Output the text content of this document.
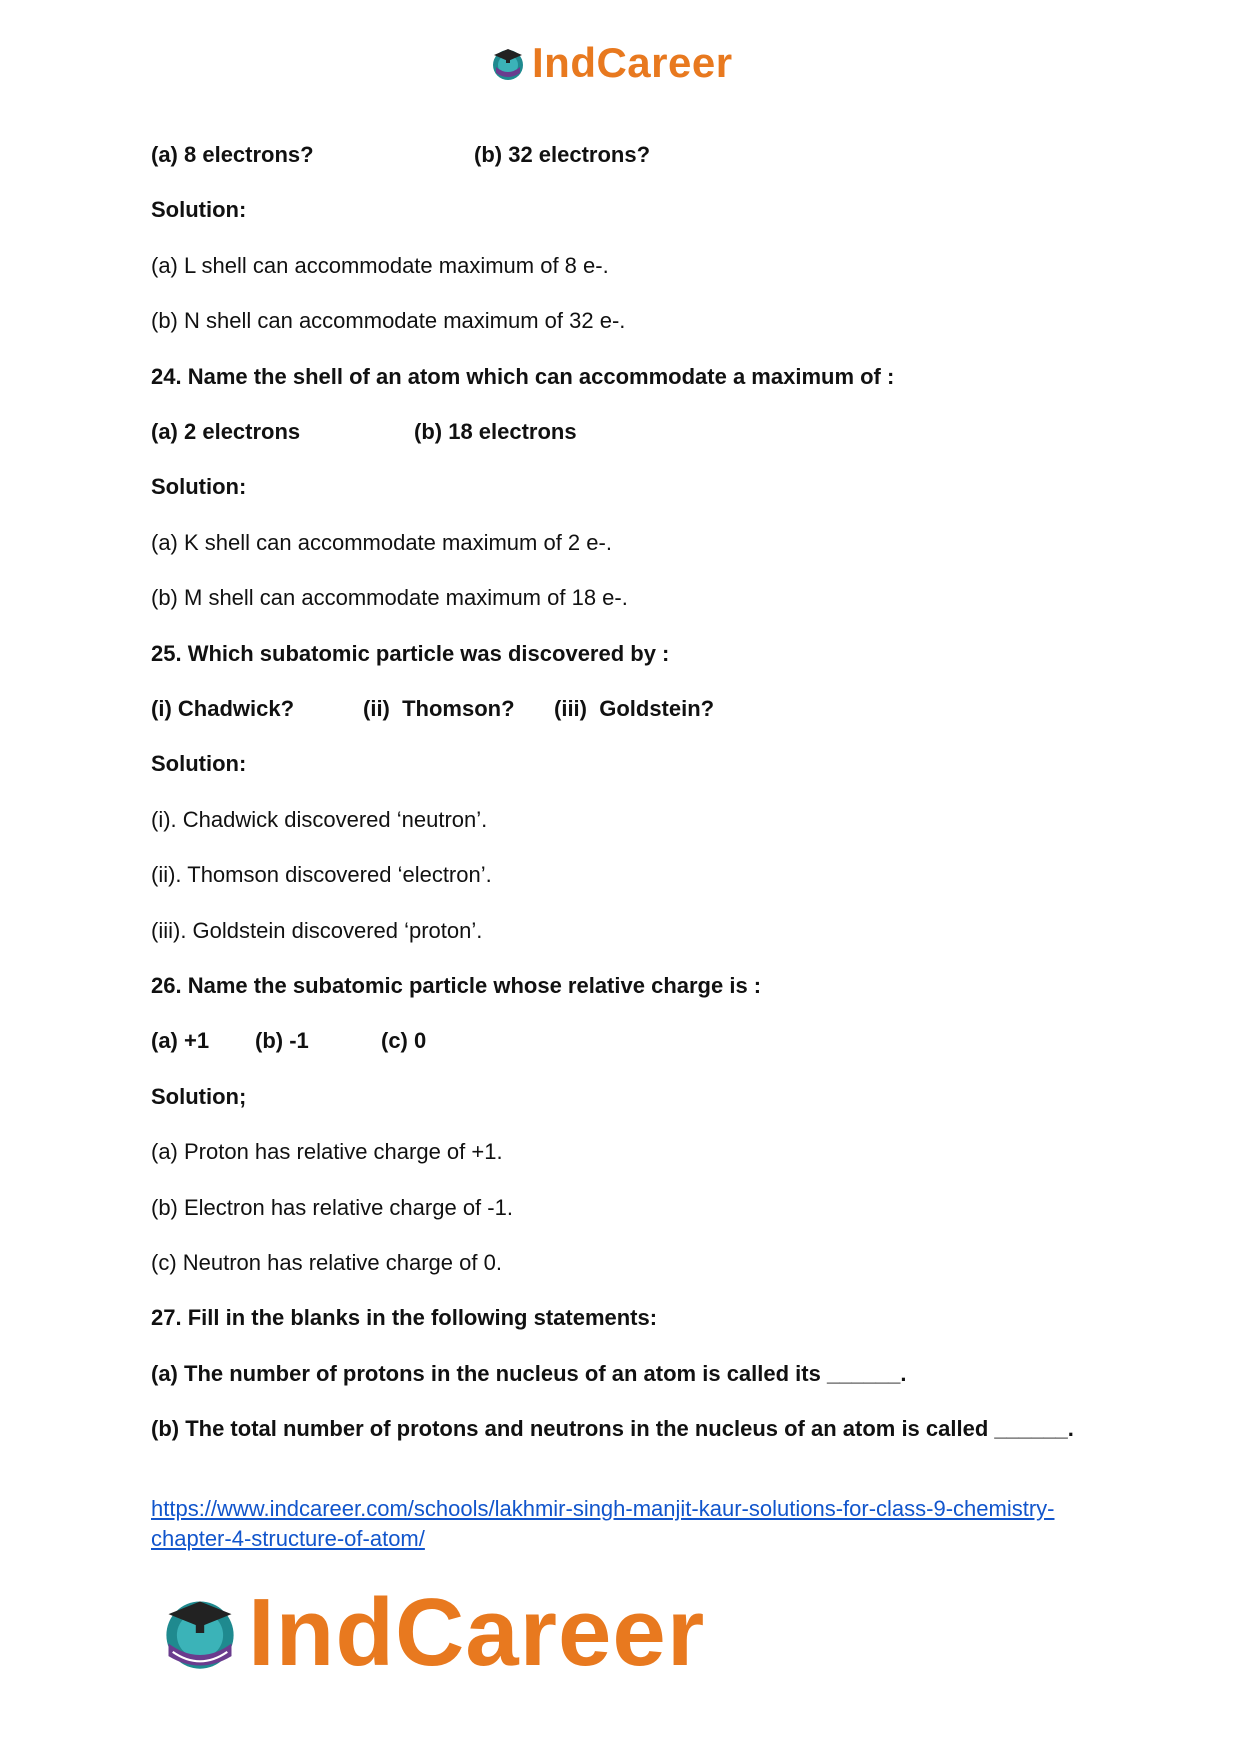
IndCareer
(a) 8 electrons?	(b) 32 electrons?
Solution:
(a) L shell can accommodate maximum of 8 e-.
(b) N shell can accommodate maximum of 32 e-.
24. Name the shell of an atom which can accommodate a maximum of :
(a) 2 electrons	(b) 18 electrons
Solution:
(a) K shell can accommodate maximum of 2 e-.
(b) M shell can accommodate maximum of 18 e-.
25. Which subatomic particle was discovered by :
(i) Chadwick?	(ii)  Thomson? (iii)  Goldstein?
Solution:
(i). Chadwick discovered ‘neutron’.
(ii). Thomson discovered ‘electron’.
(iii). Goldstein discovered ‘proton’.
26. Name the subatomic particle whose relative charge is :
(a) +1 (b) -1	(c) 0
Solution;
(a) Proton has relative charge of +1.
(b) Electron has relative charge of -1.
(c) Neutron has relative charge of 0.
27. Fill in the blanks in the following statements:
(a) The number of protons in the nucleus of an atom is called its ______.
(b) The total number of protons and neutrons in the nucleus of an atom is called ______.
https://www.indcareer.com/schools/lakhmir-singh-manjit-kaur-solutions-for-class-9-chemistry-chapter-4-structure-of-atom/
IndCareer
